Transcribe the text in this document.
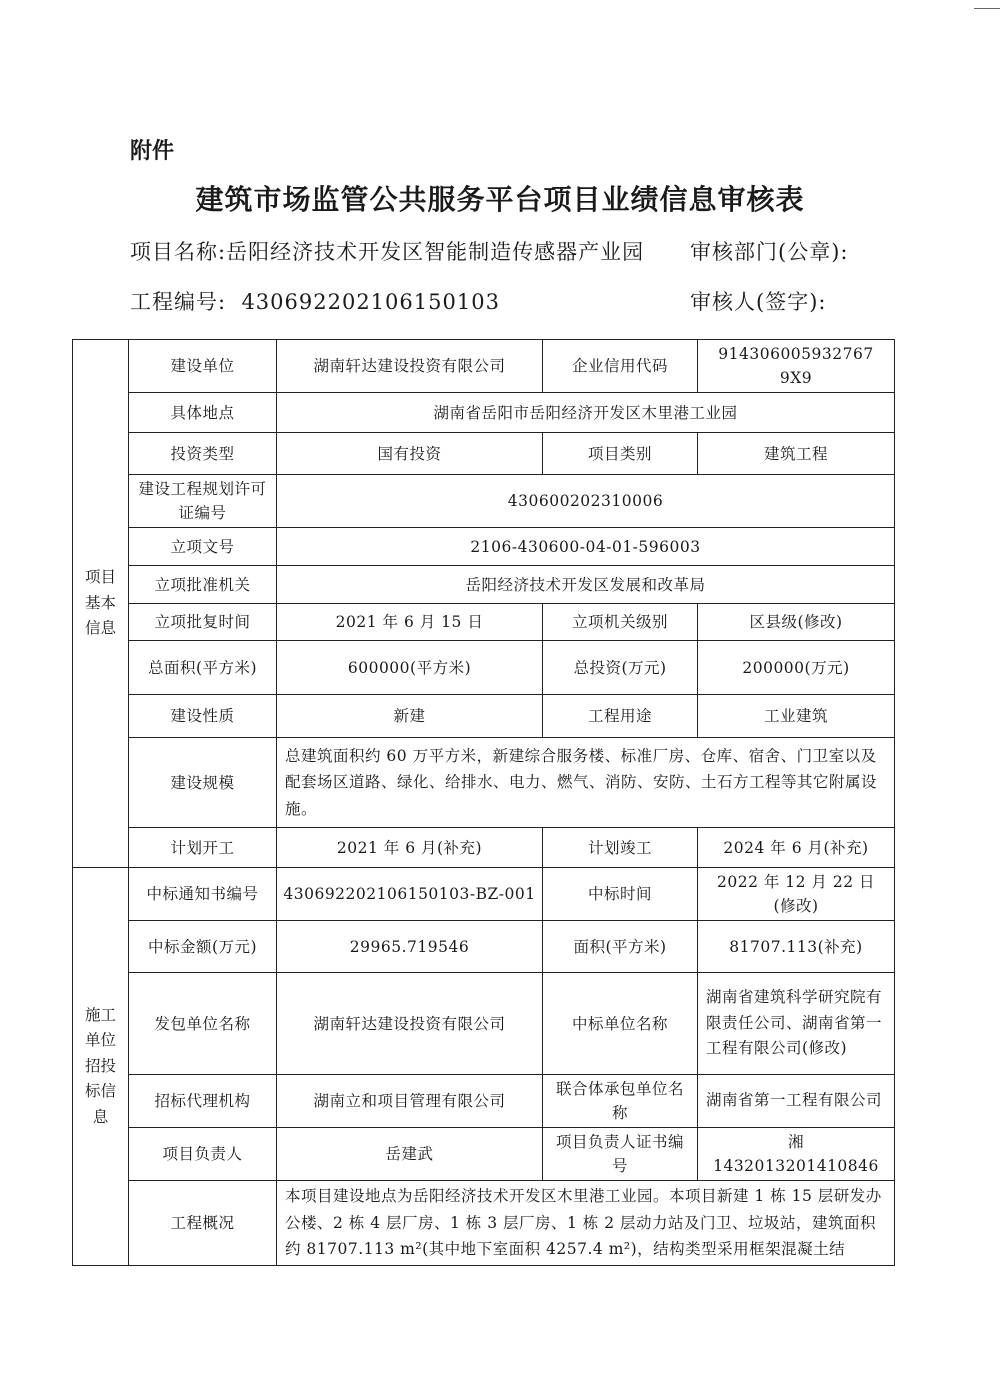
附件
建筑市场监管公共服务平台项目业绩信息审核表
项目名称:岳阳经济技术开发区智能制造传感器产业园 审核部门(公章):
工程编号: 430692202106150103	审核人(签字):
项目基本信息	建设单位	湖南轩达建设投资有限公司	企业信用代码	914306005932767​9X9
	具体地点	湖南省岳阳市岳阳经济开发区木里港工业园		
	投资类型	国有投资	项目类别	建筑工程
	建设工程规划许可证编号	430600202310006		
	立项文号	2106-430600-04-01-596003		
	立项批准机关	岳阳经济技术开发区发展和改革局		
	立项批复时间	2021 年 6 月 15 日	立项机关级别	区县级(修改)
	总面积(平方米)	600000(平方米)	总投资(万元)	200000(万元)
	建设性质	新建	工程用途	工业建筑
	建设规模	总建筑面积约 60 万平方米，新建综合服务楼、标准厂房、仓库、宿舍、门卫室以及配套场区道路、绿化、给排水、电力、燃气、消防、安防、土石方工程等其它附属设施。		
	计划开工	2021 年 6 月(补充)	计划竣工	2024 年 6 月(补充)

施工单位招投标信息	中标通知书编号	430692202106150103-BZ-001	中标时间	2022 年 12 月 22 日 (修改)
	中标金额(万元)	29965.719546	面积(平方米)	81707.113(补充)
	发包单位名称	湖南轩达建设投资有限公司	中标单位名称	湖南省建筑科学研究院有限责任公司、湖南省第一工程有限公司(修改)
	招标代理机构	湖南立和项目管理有限公司	联合体承包单位名称	湖南省第一工程有限公司
	项目负责人	岳建武	项目负责人证书编号	湘 1432013201410846
	工程概况	本项目建设地点为岳阳经济技术开发区木里港工业园。本项目新建 1 栋 15 层研发办公楼、2 栋 4 层厂房、1 栋 3 层厂房、1 栋 2 层动力站及门卫、垃圾站，建筑面积约 81707.113 m²(其中地下室面积 4257.4 m²)，结构类型采用框架混凝土结		
